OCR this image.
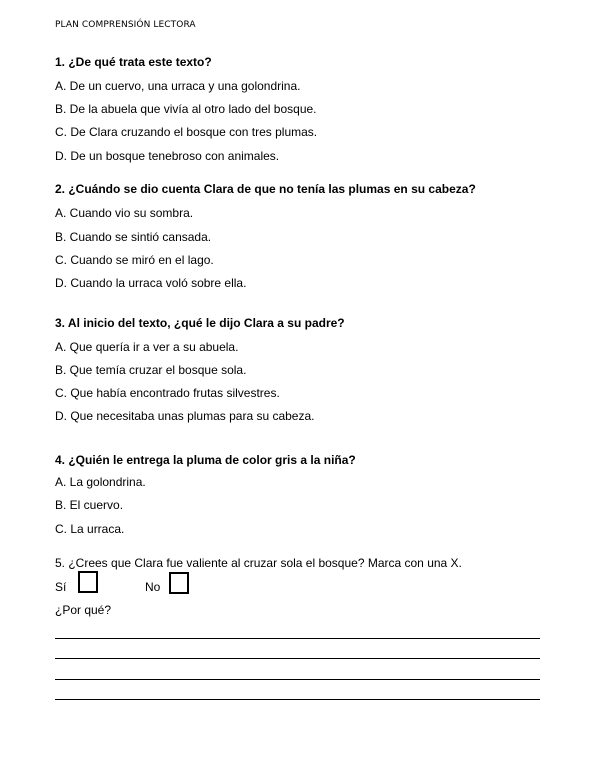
PLAN COMPRENSIÓN LECTORA
1. ¿De qué trata este texto?
A. De un cuervo, una urraca y una golondrina.
B. De la abuela que vivía al otro lado del bosque.
C. De Clara cruzando el bosque con tres plumas.
D. De un bosque tenebroso con animales.
2. ¿Cuándo se dio cuenta Clara de que no tenía las plumas en su cabeza?
A. Cuando vio su sombra.
B. Cuando se sintió cansada.
C. Cuando se miró en el lago.
D. Cuando la urraca voló sobre ella.
3. Al inicio del texto, ¿qué le dijo Clara a su padre?
A. Que quería ir a ver a su abuela.
B. Que temía cruzar el bosque sola.
C. Que había encontrado frutas silvestres.
D. Que necesitaba unas plumas para su cabeza.
4. ¿Quién le entrega la pluma de color gris a la niña?
A. La golondrina.
B. El cuervo.
C. La urraca.
5. ¿Crees que Clara fue valiente al cruzar sola el bosque? Marca con una X.
Sí	No
¿Por qué?
